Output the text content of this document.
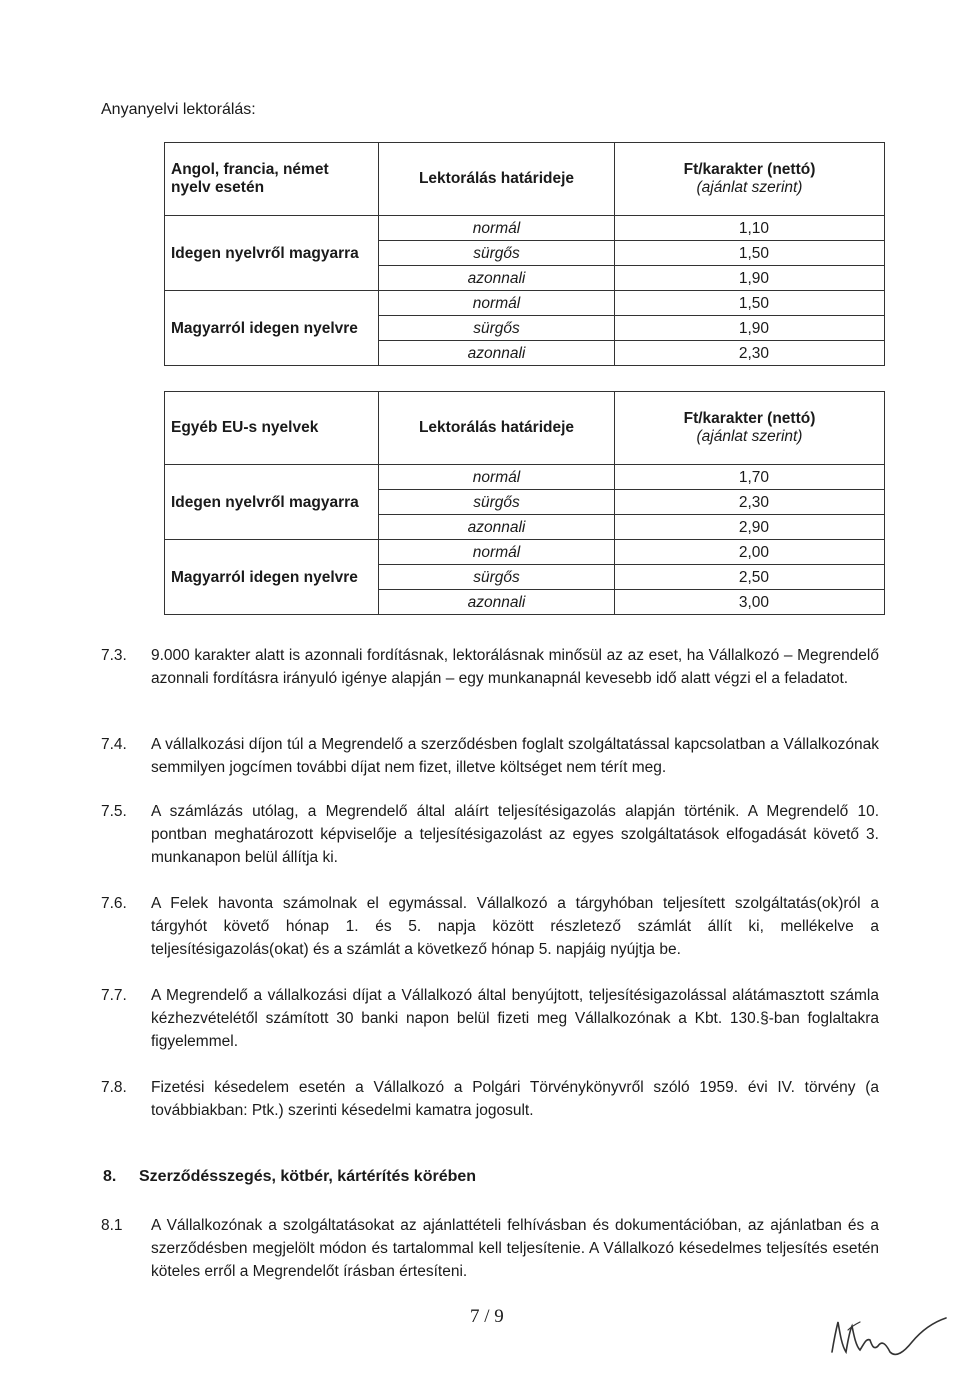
Anyanyelvi lektorálás:
Angol, francia, német nyelv esetén	Lektorálás határideje	Ft/karakter (nettó)
(ajánlat szerint)

Idegen nyelvről magyarra	normál	1,10
	sürgős	1,50
	azonnali	1,90
Magyarról idegen nyelvre	normál	1,50
	sürgős	1,90
	azonnali	2,30
Egyéb EU-s nyelvek	Lektorálás határideje	Ft/karakter (nettó)
(ajánlat szerint)

Idegen nyelvről magyarra	normál	1,70
	sürgős	2,30
	azonnali	2,90
Magyarról idegen nyelvre	normál	2,00
	sürgős	2,50
	azonnali	3,00
7.3. 9.000 karakter alatt is azonnali fordításnak, lektorálásnak minősül az az eset, ha Vállalkozó – Megrendelő azonnali fordításra irányuló igénye alapján – egy munkanapnál kevesebb idő alatt végzi el a feladatot.
7.4. A vállalkozási díjon túl a Megrendelő a szerződésben foglalt szolgáltatással kapcsolatban a Vállalkozónak semmilyen jogcímen további díjat nem fizet, illetve költséget nem térít meg.
7.5. A számlázás utólag, a Megrendelő által aláírt teljesítésigazolás alapján történik. A Megrendelő 10. pontban meghatározott képviselője a teljesítésigazolást az egyes szolgáltatások elfogadását követő 3. munkanapon belül állítja ki.
7.6. A Felek havonta számolnak el egymással. Vállalkozó a tárgyhóban teljesített szolgáltatás(ok)ról a tárgyhót követő hónap 1. és 5. napja között részletező számlát állít ki, mellékelve a teljesítésigazolás(okat) és a számlát a következő hónap 5. napjáig nyújtja be.
7.7. A Megrendelő a vállalkozási díjat a Vállalkozó által benyújtott, teljesítésigazolással alátámasztott számla kézhezvételétől számított 30 banki napon belül fizeti meg Vállalkozónak a Kbt. 130.§-ban foglaltakra figyelemmel.
7.8. Fizetési késedelem esetén a Vállalkozó a Polgári Törvénykönyvről szóló 1959. évi IV. törvény (a továbbiakban: Ptk.) szerinti késedelmi kamatra jogosult.
8. Szerződésszegés, kötbér, kártérítés körében
8.1 A Vállalkozónak a szolgáltatásokat az ajánlattételi felhívásban és dokumentációban, az ajánlatban és a szerződésben megjelölt módon és tartalommal kell teljesítenie. A Vállalkozó késedelmes teljesítés esetén köteles erről a Megrendelőt írásban értesíteni.
7 / 9
